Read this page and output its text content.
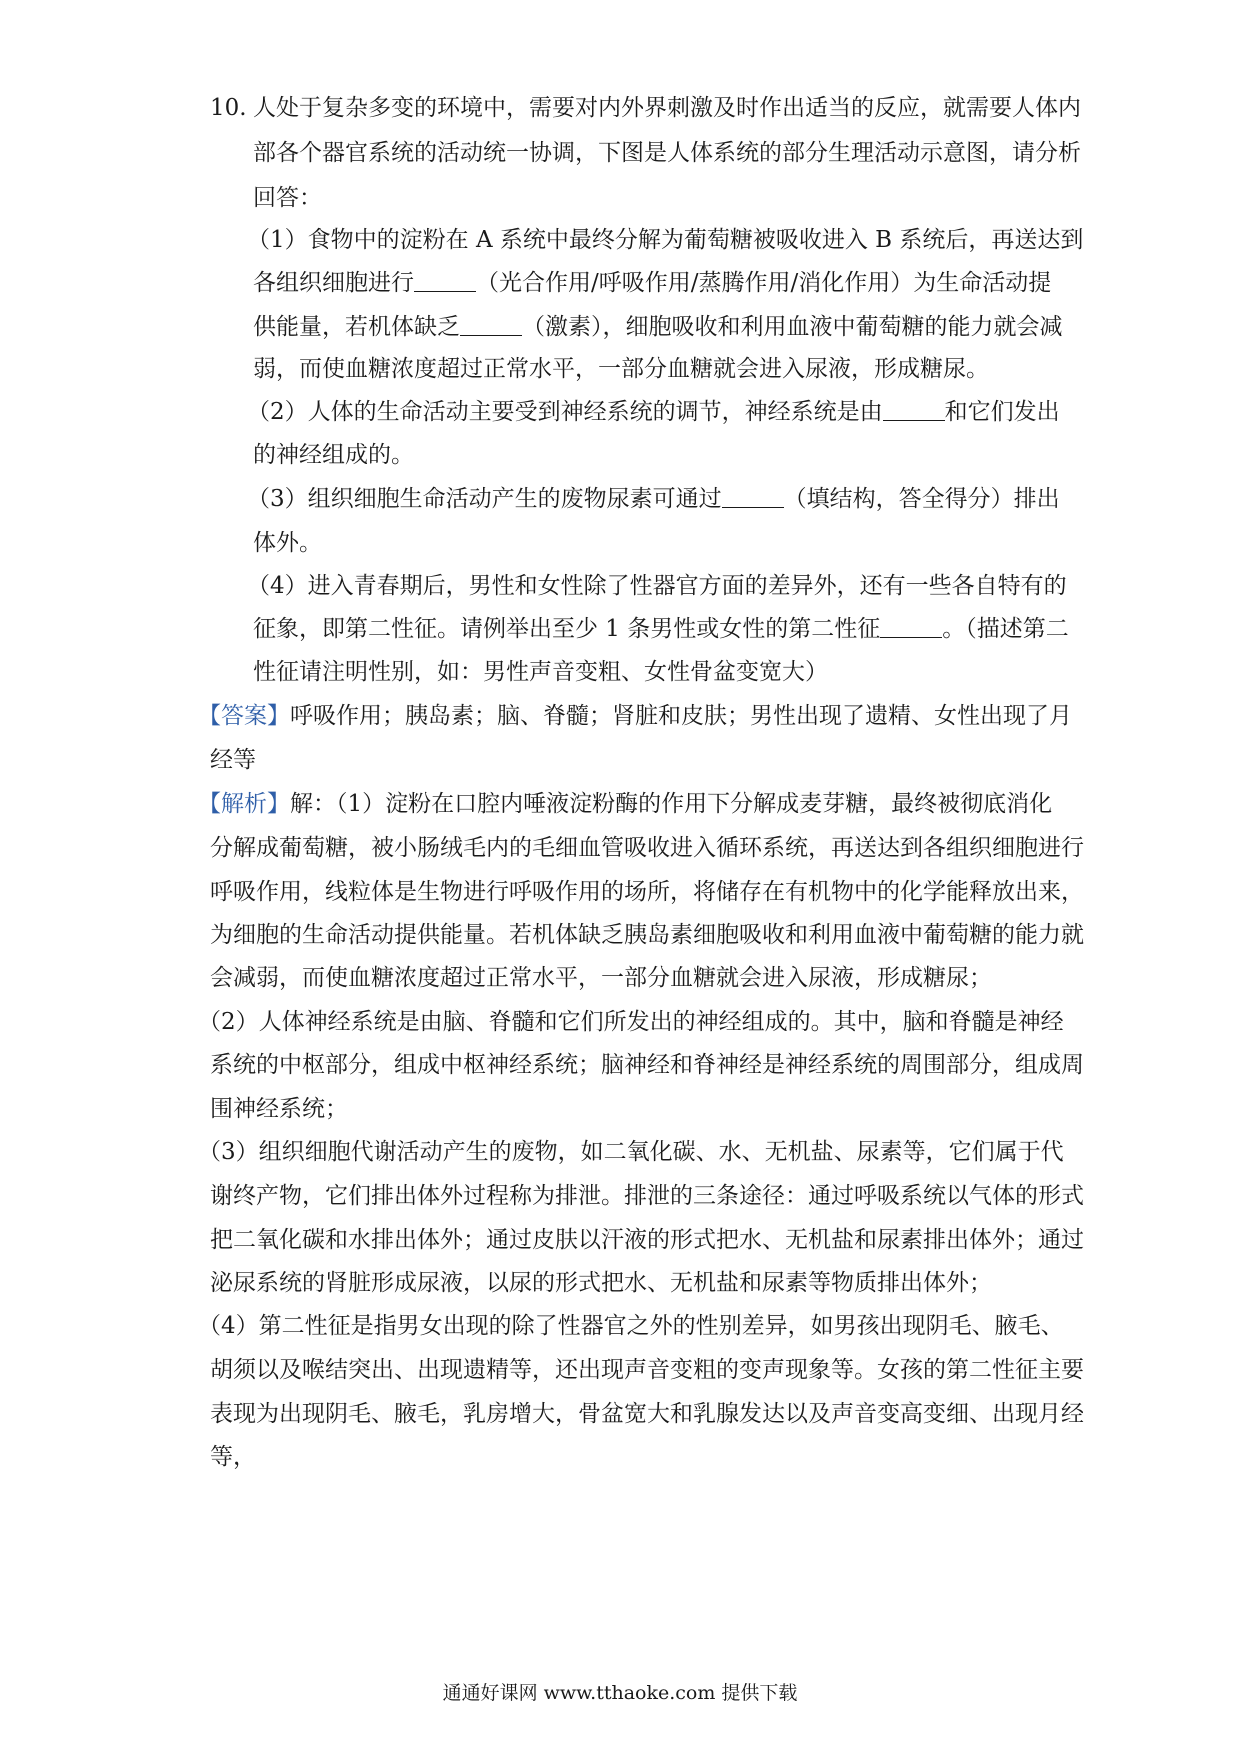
10. 人处于复杂多变的环境中，需要对内外界刺激及时作出适当的反应，就需要人体内
部各个器官系统的活动统一协调，下图是人体系统的部分生理活动示意图，请分析
回答：
（1）食物中的淀粉在 A 系统中最终分解为葡萄糖被吸收进入 B 系统后，再送达到
各组织细胞进行	（光合作用/呼吸作用/蒸腾作用/消化作用）为生命活动提
供能量，若机体缺乏	（激素），细胞吸收和利用血液中葡萄糖的能力就会减
弱，而使血糖浓度超过正常水平，一部分血糖就会进入尿液，形成糖尿。
（2）人体的生命活动主要受到神经系统的调节，神经系统是由	和它们发出
的神经组成的。
（3）组织细胞生命活动产生的废物尿素可通过	（填结构，答全得分）排出
体外。
（4）进入青春期后，男性和女性除了性器官方面的差异外，还有一些各自特有的
征象，即第二性征。请例举出至少 1 条男性或女性的第二性征	。（描述第二
性征请注明性别，如：男性声音变粗、女性骨盆变宽大）
【答案】呼吸作用；胰岛素；脑、脊髓；肾脏和皮肤；男性出现了遗精、女性出现了月
经等
【解析】解：（1）淀粉在口腔内唾液淀粉酶的作用下分解成麦芽糖，最终被彻底消化
分解成葡萄糖，被小肠绒毛内的毛细血管吸收进入循环系统，再送达到各组织细胞进行
呼吸作用，线粒体是生物进行呼吸作用的场所，将储存在有机物中的化学能释放出来，
为细胞的生命活动提供能量。若机体缺乏胰岛素细胞吸收和利用血液中葡萄糖的能力就
会减弱，而使血糖浓度超过正常水平，一部分血糖就会进入尿液，形成糖尿；
（2）人体神经系统是由脑、脊髓和它们所发出的神经组成的。其中，脑和脊髓是神经
系统的中枢部分，组成中枢神经系统；脑神经和脊神经是神经系统的周围部分，组成周
围神经系统；
（3）组织细胞代谢活动产生的废物，如二氧化碳、水、无机盐、尿素等，它们属于代
谢终产物，它们排出体外过程称为排泄。排泄的三条途径：通过呼吸系统以气体的形式
把二氧化碳和水排出体外；通过皮肤以汗液的形式把水、无机盐和尿素排出体外；通过
泌尿系统的肾脏形成尿液，以尿的形式把水、无机盐和尿素等物质排出体外；
（4）第二性征是指男女出现的除了性器官之外的性别差异，如男孩出现阴毛、腋毛、
胡须以及喉结突出、出现遗精等，还出现声音变粗的变声现象等。女孩的第二性征主要
表现为出现阴毛、腋毛，乳房增大，骨盆宽大和乳腺发达以及声音变高变细、出现月经
等，
通通好课网 www.tthaoke.com 提供下载
